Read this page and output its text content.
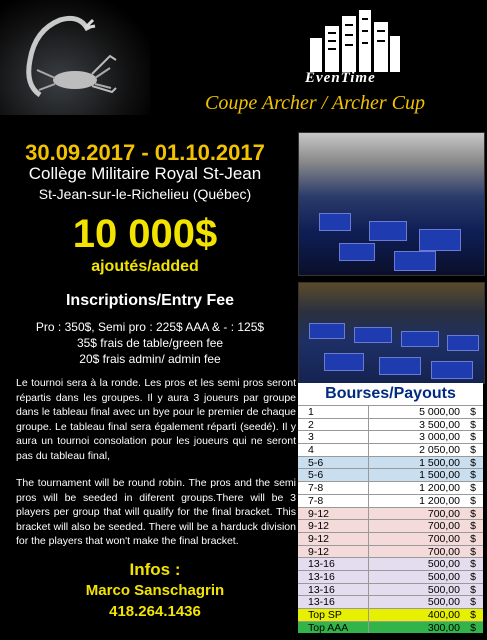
EvenTime
Coupe Archer / Archer Cup
30.09.2017 - 01.10.2017
Collège Militaire Royal St-Jean
St-Jean-sur-le-Richelieu (Québec)
10 000$
ajoutés/added
Inscriptions/Entry Fee
Pro : 350$, Semi pro : 225$ AAA & - : 125$
35$ frais de table/green fee
20$ frais admin/ admin fee
Le tournoi sera à la ronde. Les pros et les semi pros seront répartis dans les groupes. Il y aura 3 joueurs par groupe dans le tableau final avec un bye pour le premier de chaque groupe. Le tableau final sera également réparti (seedé). Il y aura un tournoi consolation pour les joueurs qui ne seront pas du tableau final,
The tournament will be round robin. The pros and the semi pros will be seeded in diferent groups.There will be 3 players per group that will qualify for the final bracket. This bracket will also be seeded. There will be a harduck division for the players that won't make the final bracket.
Infos :
Marco Sanschagrin
418.264.1436
Bourses/Payouts
1	5 000,00 $
2	3 500,00 $
3	3 000,00 $
4	2 050,00 $
5-6	1 500,00 $
5-6	1 500,00 $
7-8	1 200,00 $
7-8	1 200,00 $
9-12	700,00 $
9-12	700,00 $
9-12	700,00 $
9-12	700,00 $
13-16	500,00 $
13-16	500,00 $
13-16	500,00 $
13-16	500,00 $
Top SP	400,00 $
Top AAA	300,00 $
